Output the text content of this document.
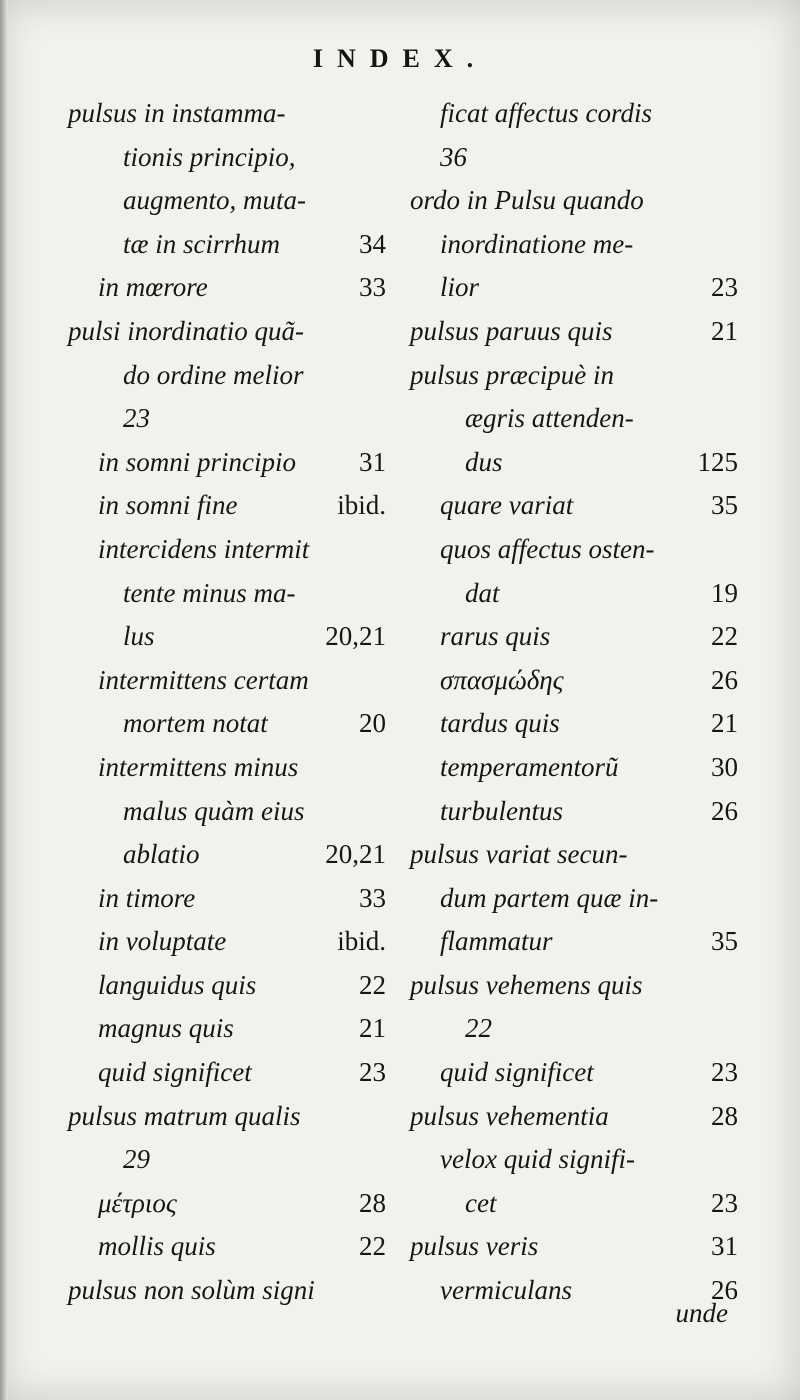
INDEX.
pulsus in instamma-
tionis principio,
augmento, muta-
tæ in scirrhum	34
in mœrore	33
pulsi inordinatio quã-
do ordine melior
23
in somni principio 31
in somni fine	ibid.
intercidens intermit
tente minus ma-
lus	20,21
intermittens certam
mortem notat	20
intermittens minus
malus quàm eius
ablatio	20,21
in timore	33
in voluptate	ibid.
languidus quis	22
magnus quis	21
quid significet	23
pulsus matrum qualis
29
μέτριος	28
mollis quis	22
pulsus non solùm signi
ficat affectus cordis
36
ordo in Pulsu quando
inordinatione me-
lior	23
pulsus paruus quis	21
pulsus præcipuè in
ægris attenden-
dus	125
quare variat	35
quos affectus osten-
dat	19
rarus quis	22
σπασμώδης	26
tardus quis	21
temperamentorũ	30
turbulentus	26
pulsus variat secun-
dum partem quæ in-
flammatur	35
pulsus vehemens quis
22
quid significet	23
pulsus vehementia	28
velox quid signifi-
cet	23
pulsus veris	31
vermiculans	26
unde
